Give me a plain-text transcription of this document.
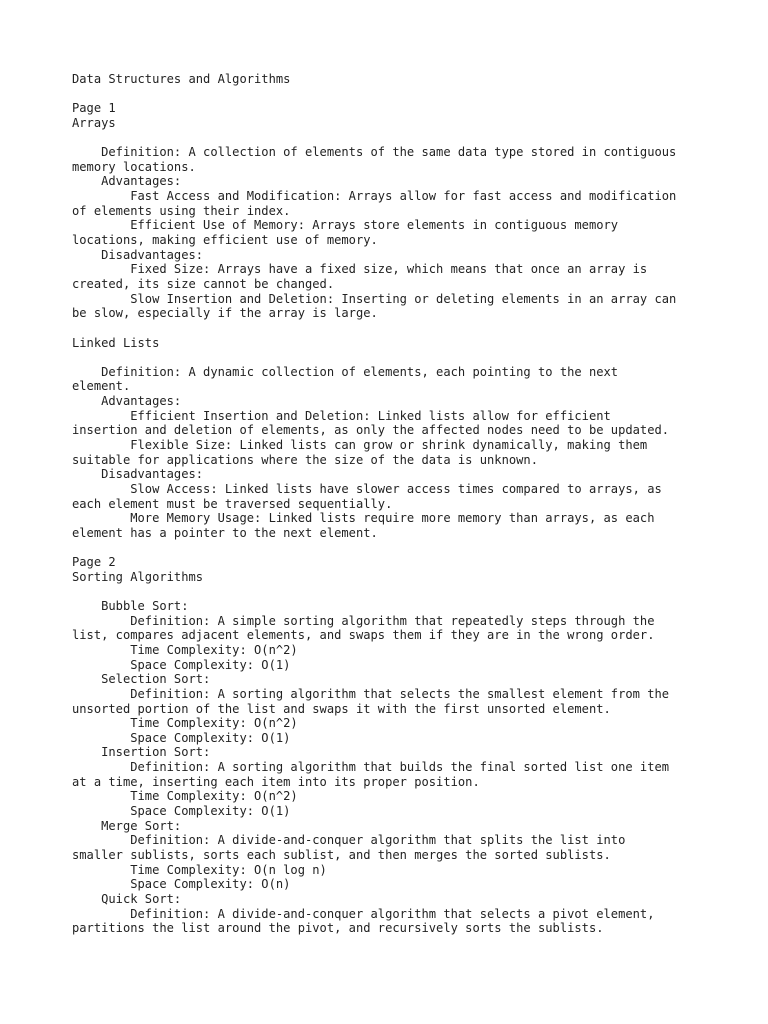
Data Structures and Algorithms
Page 1
Arrays
Definition: A collection of elements of the same data type stored in contiguous
memory locations.
Advantages:
Fast Access and Modification: Arrays allow for fast access and modification
of elements using their index.
Efficient Use of Memory: Arrays store elements in contiguous memory
locations, making efficient use of memory.
Disadvantages:
Fixed Size: Arrays have a fixed size, which means that once an array is
created, its size cannot be changed.
Slow Insertion and Deletion: Inserting or deleting elements in an array can
be slow, especially if the array is large.
Linked Lists
Definition: A dynamic collection of elements, each pointing to the next
element.
Advantages:
Efficient Insertion and Deletion: Linked lists allow for efficient
insertion and deletion of elements, as only the affected nodes need to be updated.
Flexible Size: Linked lists can grow or shrink dynamically, making them
suitable for applications where the size of the data is unknown.
Disadvantages:
Slow Access: Linked lists have slower access times compared to arrays, as
each element must be traversed sequentially.
More Memory Usage: Linked lists require more memory than arrays, as each
element has a pointer to the next element.
Page 2
Sorting Algorithms
Bubble Sort:
Definition: A simple sorting algorithm that repeatedly steps through the
list, compares adjacent elements, and swaps them if they are in the wrong order.
Time Complexity: O(n^2)
Space Complexity: O(1)
Selection Sort:
Definition: A sorting algorithm that selects the smallest element from the
unsorted portion of the list and swaps it with the first unsorted element.
Time Complexity: O(n^2)
Space Complexity: O(1)
Insertion Sort:
Definition: A sorting algorithm that builds the final sorted list one item
at a time, inserting each item into its proper position.
Time Complexity: O(n^2)
Space Complexity: O(1)
Merge Sort:
Definition: A divide-and-conquer algorithm that splits the list into
smaller sublists, sorts each sublist, and then merges the sorted sublists.
Time Complexity: O(n log n)
Space Complexity: O(n)
Quick Sort:
Definition: A divide-and-conquer algorithm that selects a pivot element,
partitions the list around the pivot, and recursively sorts the sublists.
